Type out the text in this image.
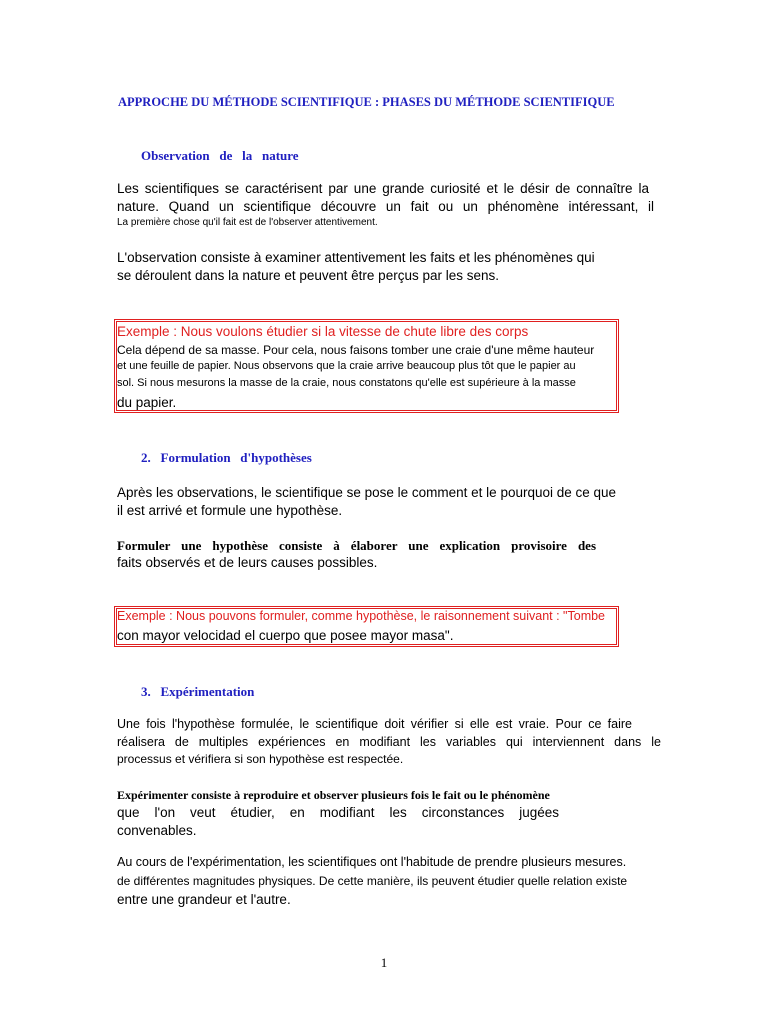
APPROCHE DU MÉTHODE SCIENTIFIQUE : PHASES DU MÉTHODE SCIENTIFIQUE
Observation   de   la   nature
Les scientifiques se caractérisent par une grande curiosité et le désir de connaître la
nature. Quand un scientifique découvre un fait ou un phénomène intéressant, il
La première chose qu'il fait est de l'observer attentivement.
L'observation consiste à examiner attentivement les faits et les phénomènes qui
se déroulent dans la nature et peuvent être perçus par les sens.
Exemple : Nous voulons étudier si la vitesse de chute libre des corps
Cela dépend de sa masse. Pour cela, nous faisons tomber une craie d'une même hauteur
et une feuille de papier. Nous observons que la craie arrive beaucoup plus tôt que le papier au
sol. Si nous mesurons la masse de la craie, nous constatons qu'elle est supérieure à la masse
du papier.
2.   Formulation   d'hypothèses
Après les observations, le scientifique se pose le comment et le pourquoi de ce que
il est arrivé et formule une hypothèse.
Formuler une hypothèse consiste à élaborer une explication provisoire des
faits observés et de leurs causes possibles.
Exemple : Nous pouvons formuler, comme hypothèse, le raisonnement suivant : "Tombe
con mayor velocidad el cuerpo que posee mayor masa".
3.   Expérimentation
Une fois l'hypothèse formulée, le scientifique doit vérifier si elle est vraie. Pour ce faire
réalisera de multiples expériences en modifiant les variables qui interviennent dans le
processus et vérifiera si son hypothèse est respectée.
Expérimenter consiste à reproduire et observer plusieurs fois le fait ou le phénomène
que l'on veut étudier, en modifiant les circonstances jugées
convenables.
Au cours de l'expérimentation, les scientifiques ont l'habitude de prendre plusieurs mesures.
de différentes magnitudes physiques. De cette manière, ils peuvent étudier quelle relation existe
entre une grandeur et l'autre.
1
